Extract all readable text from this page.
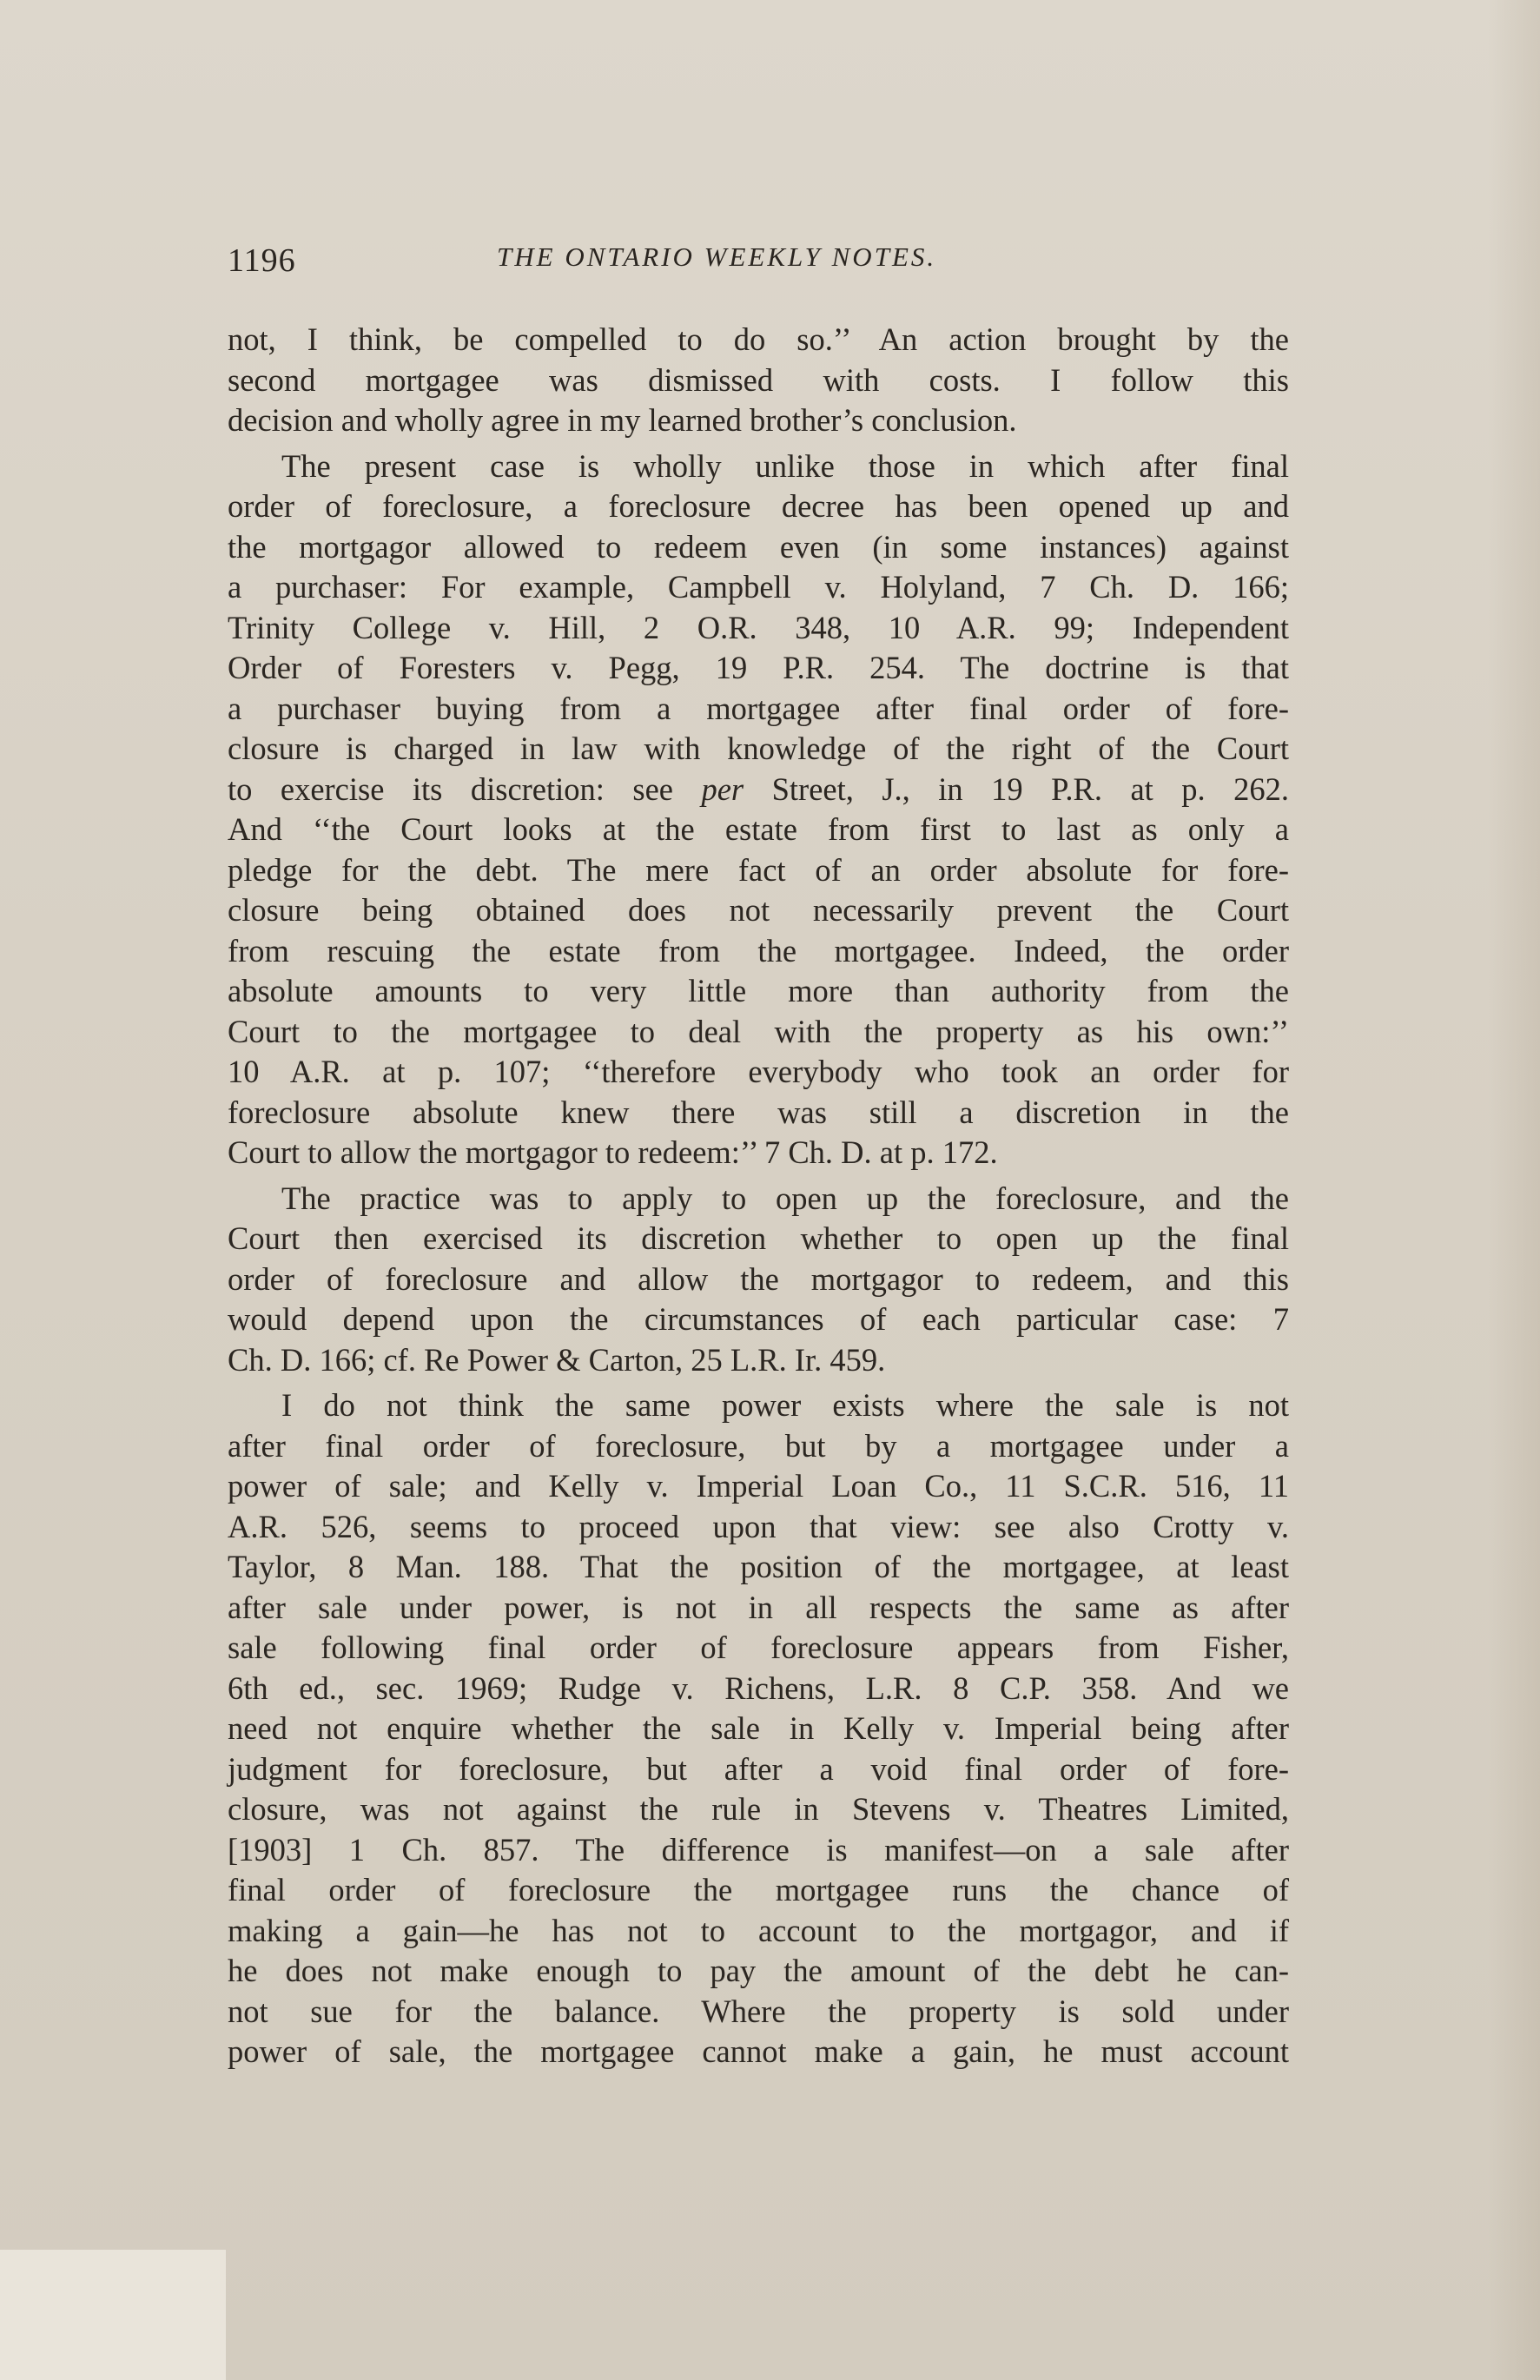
1196	THE ONTARIO WEEKLY NOTES.

not, I think, be compelled to do so.’’ An action brought by the
second mortgagee was dismissed with costs. I follow this
decision and wholly agree in my learned brother’s conclusion.

The present case is wholly unlike those in which after final
order of foreclosure, a foreclosure decree has been opened up and
the mortgagor allowed to redeem even (in some instances) against
a purchaser: For example, Campbell v. Holyland, 7 Ch. D. 166;
Trinity College v. Hill, 2 O.R. 348, 10 A.R. 99; Independent
Order of Foresters v. Pegg, 19 P.R. 254. The doctrine is that
a purchaser buying from a mortgagee after final order of fore-
closure is charged in law with knowledge of the right of the Court
to exercise its discretion: see per Street, J., in 19 P.R. at p. 262.
And ‘‘the Court looks at the estate from first to last as only a
pledge for the debt. The mere fact of an order absolute for fore-
closure being obtained does not necessarily prevent the Court
from rescuing the estate from the mortgagee. Indeed, the order
absolute amounts to very little more than authority from the
Court to the mortgagee to deal with the property as his own:’’
10 A.R. at p. 107; ‘‘therefore everybody who took an order for
foreclosure absolute knew there was still a discretion in the
Court to allow the mortgagor to redeem:’’ 7 Ch. D. at p. 172.

The practice was to apply to open up the foreclosure, and the
Court then exercised its discretion whether to open up the final
order of foreclosure and allow the mortgagor to redeem, and this
would depend upon the circumstances of each particular case: 7
Ch. D. 166; cf. Re Power & Carton, 25 L.R. Ir. 459.

I do not think the same power exists where the sale is not
after final order of foreclosure, but by a mortgagee under a
power of sale; and Kelly v. Imperial Loan Co., 11 S.C.R. 516, 11
A.R. 526, seems to proceed upon that view: see also Crotty v.
Taylor, 8 Man. 188. That the position of the mortgagee, at least
after sale under power, is not in all respects the same as after
sale following final order of foreclosure appears from Fisher,
6th ed., sec. 1969; Rudge v. Richens, L.R. 8 C.P. 358. And we
need not enquire whether the sale in Kelly v. Imperial being after
judgment for foreclosure, but after a void final order of fore-
closure, was not against the rule in Stevens v. Theatres Limited,
[1903] 1 Ch. 857. The difference is manifest—on a sale after
final order of foreclosure the mortgagee runs the chance of
making a gain—he has not to account to the mortgagor, and if
he does not make enough to pay the amount of the debt he can-
not sue for the balance. Where the property is sold under
power of sale, the mortgagee cannot make a gain, he must account
